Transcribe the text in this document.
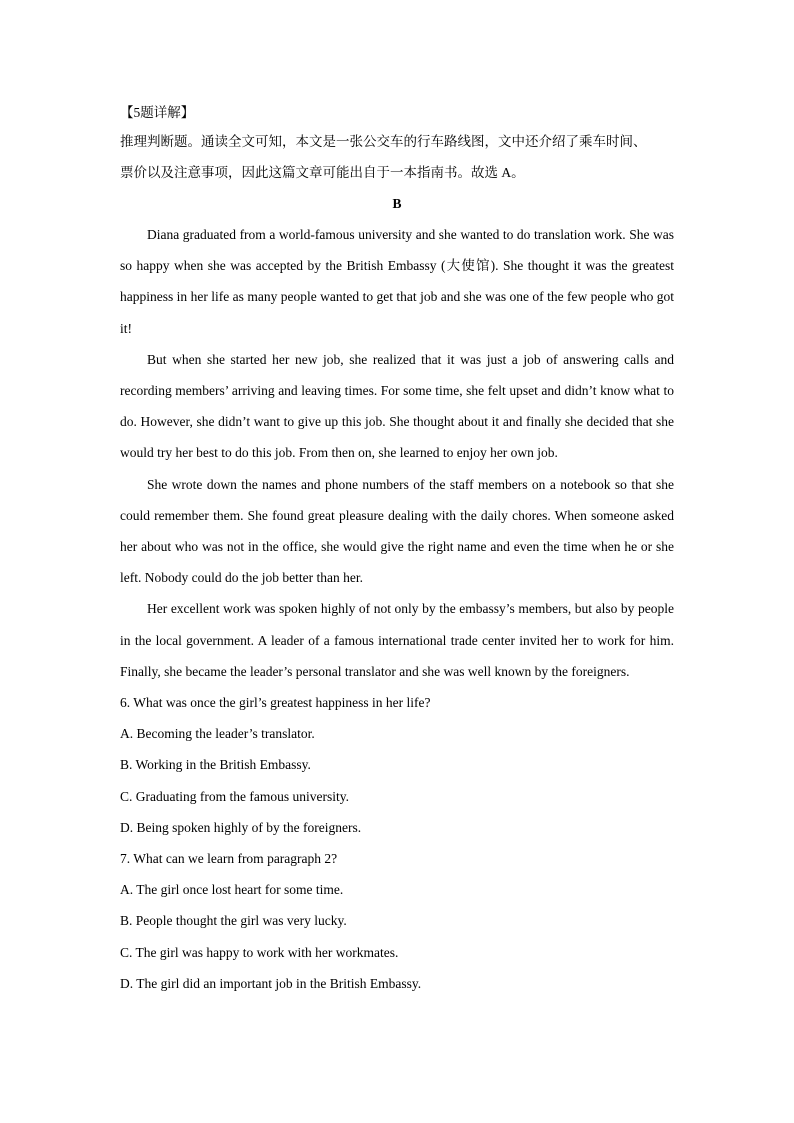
【5题详解】

推理判断题。通读全文可知，本文是一张公交车的行车路线图，文中还介绍了乘车时间、

票价以及注意事项，因此这篇文章可能出自于一本指南书。故选 A。

B

Diana graduated from a world-famous university and she wanted to do translation work. She was so happy when she was accepted by the British Embassy (大使馆). She thought it was the greatest happiness in her life as many people wanted to get that job and she was one of the few people who got it!

But when she started her new job, she realized that it was just a job of answering calls and recording members’ arriving and leaving times. For some time, she felt upset and didn’t know what to do. However, she didn’t want to give up this job. She thought about it and finally she decided that she would try her best to do this job. From then on, she learned to enjoy her own job.

She wrote down the names and phone numbers of the staff members on a notebook so that she could remember them. She found great pleasure dealing with the daily chores. When someone asked her about who was not in the office, she would give the right name and even the time when he or she left. Nobody could do the job better than her.

Her excellent work was spoken highly of not only by the embassy’s members, but also by people in the local government. A leader of a famous international trade center invited her to work for him. Finally, she became the leader’s personal translator and she was well known by the foreigners.

6. What was once the girl’s greatest happiness in her life?

A. Becoming the leader’s translator.

B. Working in the British Embassy.

C. Graduating from the famous university.

D. Being spoken highly of by the foreigners.

7. What can we learn from paragraph 2?

A. The girl once lost heart for some time.

B. People thought the girl was very lucky.

C. The girl was happy to work with her workmates.

D. The girl did an important job in the British Embassy.
